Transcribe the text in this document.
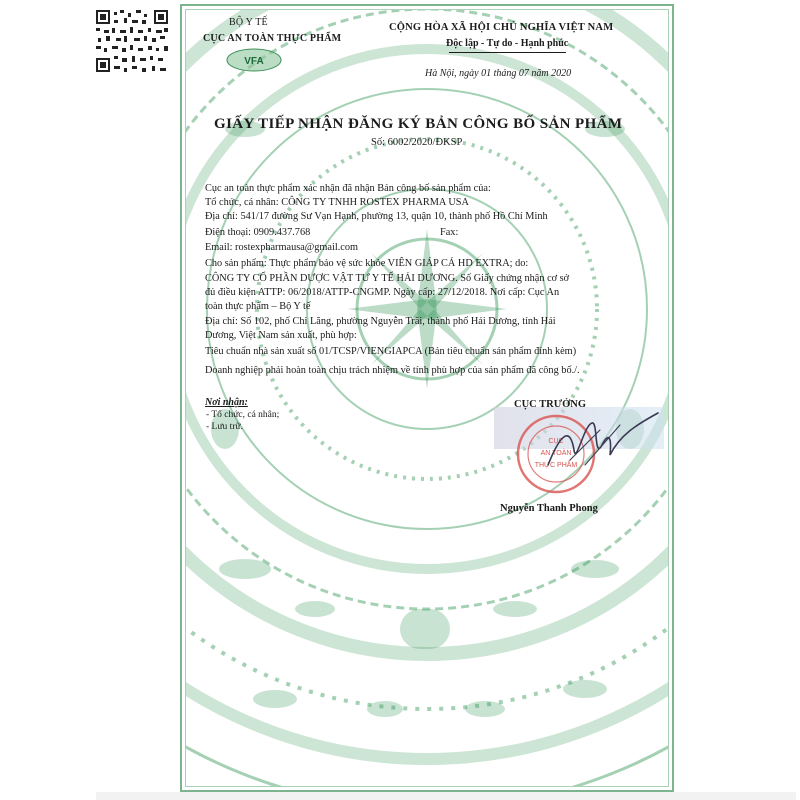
BỘ Y TẾ
CỤC AN TOÀN THỰC PHẨM
VFA
CỘNG HÒA XÃ HỘI CHỦ NGHĨA VIỆT NAM
Độc lập - Tự do - Hạnh phúc
Hà Nội, ngày 01 tháng 07 năm 2020
GIẤY TIẾP NHẬN ĐĂNG KÝ BẢN CÔNG BỐ SẢN PHẨM
Số: 6002/2020/ĐKSP
Cục an toàn thực phẩm xác nhận đã nhận Bản công bố sản phẩm của:
Tổ chức, cá nhân: CÔNG TY TNHH ROSTEX PHARMA USA
Địa chỉ: 541/17 đường Sư Vạn Hạnh, phường 13, quận 10, thành phố Hồ Chí Minh
Điện thoại: 0909.437.768	Fax:
Email: rostexpharmausa@gmail.com
Cho sản phẩm: Thực phẩm bảo vệ sức khỏe VIÊN GIÁP CÁ HD EXTRA; do:
CÔNG TY CỔ PHẦN DƯỢC VẬT TƯ Y TẾ HẢI DƯƠNG. Số Giấy chứng nhận cơ sở
đủ điều kiện ATTP: 06/2018/ATTP-CNGMP. Ngày cấp: 27/12/2018. Nơi cấp: Cục An
toàn thực phẩm – Bộ Y tế
Địa chỉ: Số 102, phố Chi Lăng, phường Nguyễn Trãi, thành phố Hải Dương, tỉnh Hải
Dương, Việt Nam sản xuất, phù hợp:
Tiêu chuẩn nhà sản xuất số 01/TCSP/VIENGIAPCA (Bản tiêu chuẩn sản phẩm đính kèm)
Doanh nghiệp phải hoàn toàn chịu trách nhiệm về tính phù hợp của sản phẩm đã công bố./.
Nơi nhận:
- Tổ chức, cá nhân;
- Lưu trữ.
CỤC TRƯỞNG
CỤC
AN TOÀN
THỰC PHẨM
Nguyễn Thanh Phong
